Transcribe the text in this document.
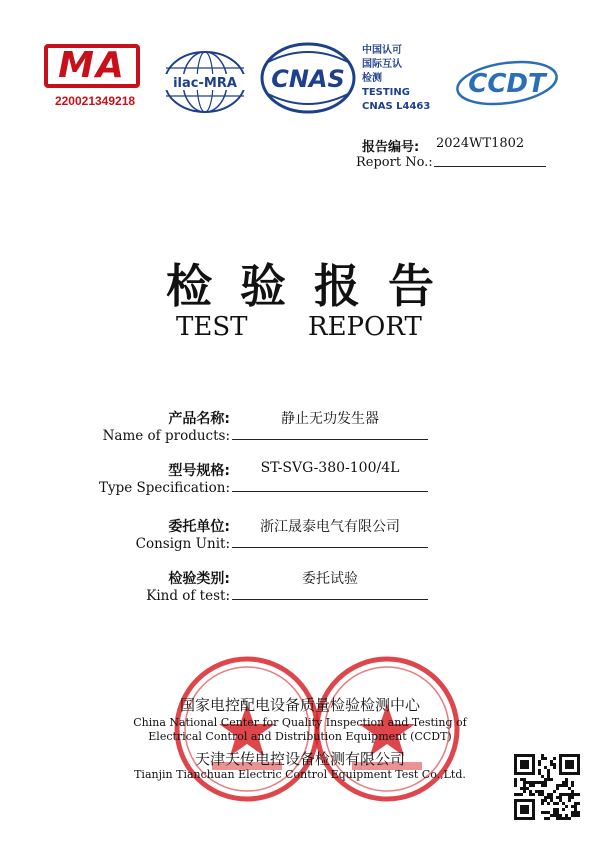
MA
220021349218
ilac-MRA CNAS
中国认可
国际互认
检测
TESTING
CNAS L4463
CCDT
报告编号: 2024WT1802
Report No.:
检验报告
TEST REPORT
产品名称:
Name of products:
静止无功发生器
型号规格:
Type Specification:
ST-SVG-380-100/4L
委托单位:
Consign Unit:
浙江晟泰电气有限公司
检验类别:
Kind of test:
委托试验
国家电控配电设备质量检验检测中心
China National Center for Quality Inspection and Testing of
Electrical Control and Distribution Equipment (CCDT)
天津天传电控设备检测有限公司
Tianjin Tianchuan Electric Control Equipment Test Co.,Ltd.
